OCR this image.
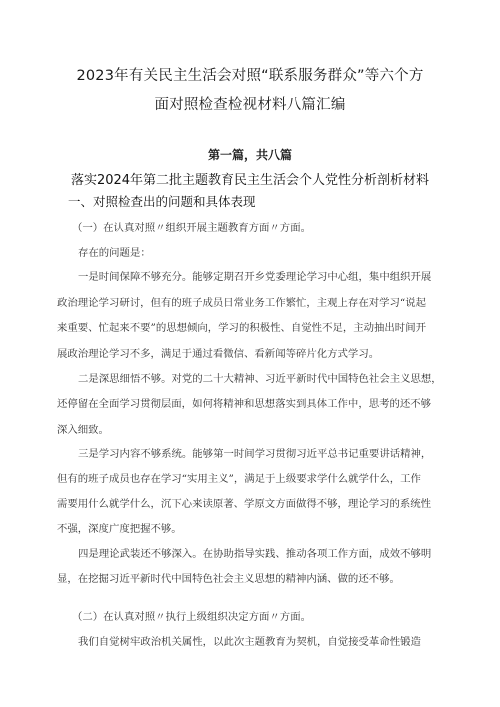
2023年有关民主生活会对照“联系服务群众”等六个方
面对照检查检视材料八篇汇编
第一篇，共八篇
落实2024年第二批主题教育民主生活会个人党性分析剖析材料
一、对照检查出的问题和具体表现
（一）在认真对照〃组织开展主题教育方面〃方面。
存在的问题是：
一是时间保障不够充分。能够定期召开乡党委理论学习中心组，集中组织开展
政治理论学习研讨，但有的班子成员日常业务工作繁忙，主观上存在对学习“说起
来重要、忙起来不要”的思想倾向，学习的积极性、自觉性不足，主动抽出时间开
展政治理论学习不多，满足于通过看微信、看新闻等碎片化方式学习。
二是深思细悟不够。对党的二十大精神、习近平新时代中国特色社会主义思想，
还停留在全面学习贯彻层面，如何将精神和思想落实到具体工作中，思考的还不够
深入细致。
三是学习内容不够系统。能够第一时间学习贯彻习近平总书记重要讲话精神，
但有的班子成员也存在学习“实用主义”，满足于上级要求学什么就学什么，工作
需要用什么就学什么，沉下心来读原著、学原文方面做得不够，理论学习的系统性
不强，深度广度把握不够。
四是理论武装还不够深入。在协助指导实践、推动各项工作方面，成效不够明
显，在挖掘习近平新时代中国特色社会主义思想的精神内涵、做的还不够。
（二）在认真对照〃执行上级组织决定方面〃方面。
我们自觉树牢政治机关属性，以此次主题教育为契机，自觉接受革命性锻造
